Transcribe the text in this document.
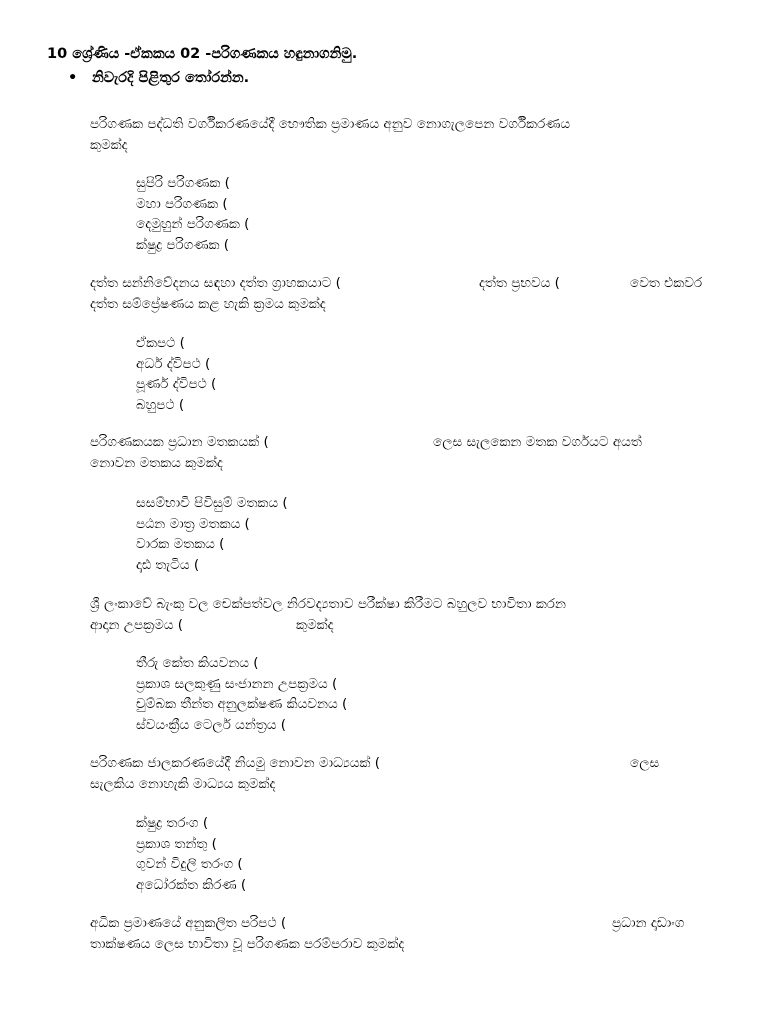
10 ශ්‍රේණිය -ඒකකය 02 -පරිගණකය හඳුනාගනිමු.
• නිවැරදි පිළිතුර තෝරන්න.
පරිගණක පද්ධති වර්ගීකරණයේදී භෞතික ප්‍රමාණය අනුව නොගැලපෙන වර්ගීකරණය
කුමක්ද
සුපිරි පරිගණක (
මහා පරිගණක (
දෙමුහුන් පරිගණක (
ක්ෂුද්‍ර පරිගණක (
දත්ත සන්නිවේදනය සඳහා දත්ත ග්‍රාහකයාට (	දත්ත ප්‍රභවය (	වෙත එකවර
දත්ත සම්ප්‍රේෂණය කළ හැකි ක්‍රමය කුමක්ද
ඒකපථ (
අර්ධ ද්විපථ (
පූර්ණ ද්විපථ (
බහුපථ (
පරිගණකයක ප්‍රධාන මතකයක් (	ලෙස සැලකෙන මතක වර්ගයට අයත්
නොවන මතකය කුමක්ද
සසම්භාවී පිවිසුම් මතකය (
පඨන මාත්‍ර මතකය (
වාරක මතකය (
දෘඪ තැටිය (
ශ්‍රී ලංකාවේ බැංකු වල චෙක්පත්වල නිරවද්‍යතාව පරීක්ෂා කිරීමට බහුලව භාවිතා කරන
ආදාන උපක්‍රමය (	කුමක්ද
තීරු කේත කියවනය (
ප්‍රකාශ සලකුණු සංජානන උපක්‍රමය (
චුම්බක තීන්ත අනුලක්ෂණ කියවනය (
ස්වයංක්‍රීය ටෙලර් යන්ත්‍රය (
පරිගණක ජාලකරණයේදී නියමු නොවන මාධ්‍යයක් (	ලෙස
සැලකිය නොහැකි මාධ්‍යය කුමක්ද
ක්ෂුද්‍ර තරංග (
ප්‍රකාශ තන්තු (
ගුවන් විදුලි තරංග (
අධෝරක්ත කිරණ (
අධික ප්‍රමාණයේ අනුකලිත පරිපථ (	ප්‍රධාන දෘඩාංග
තාක්ෂණය ලෙස භාවිතා වූ පරිගණක පරම්පරාව කුමක්ද
